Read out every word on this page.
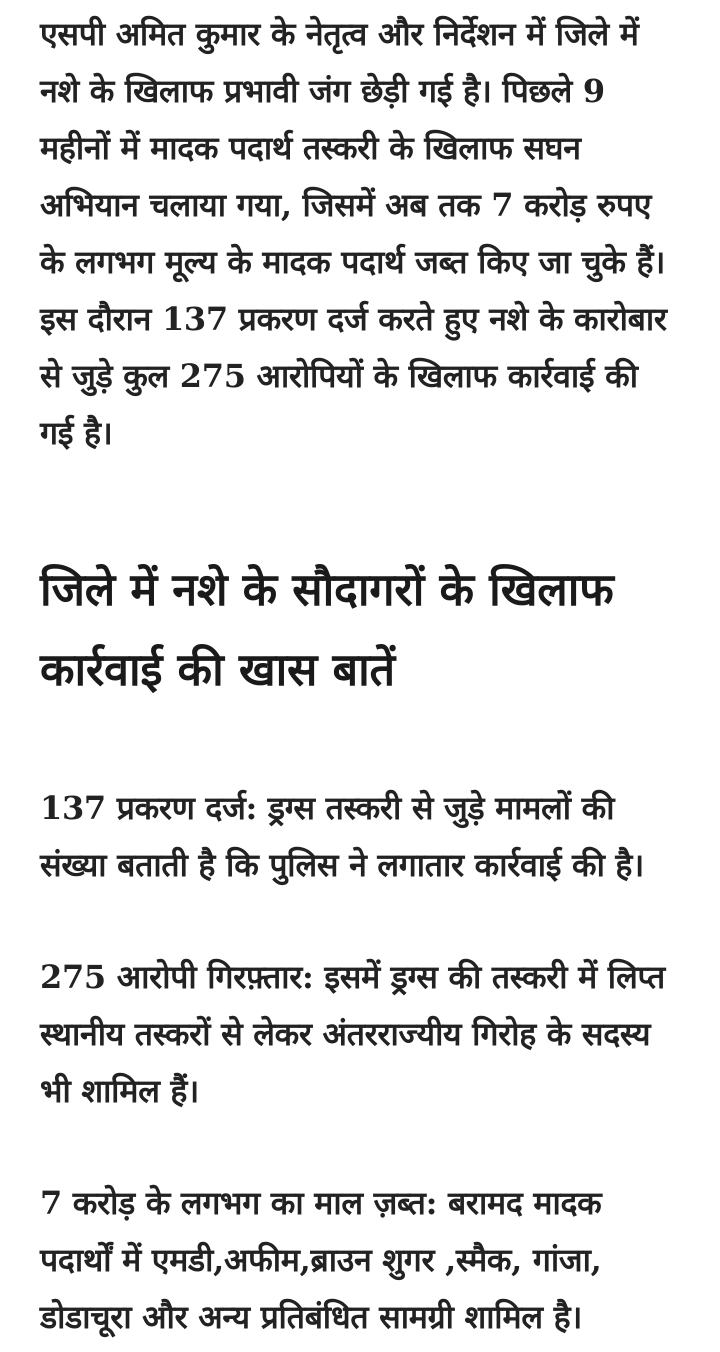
एसपी अमित कुमार के नेतृत्व और निर्देशन में जिले में नशे के खिलाफ प्रभावी जंग छेड़ी गई है। पिछले 9 महीनों में मादक पदार्थ तस्करी के खिलाफ सघन अभियान चलाया गया, जिसमें अब तक 7 करोड़ रुपए के लगभग मूल्य के मादक पदार्थ जब्त किए जा चुके हैं। इस दौरान 137 प्रकरण दर्ज करते हुए नशे के कारोबार से जुड़े कुल 275 आरोपियों के खिलाफ कार्रवाई की गई है।

जिले में नशे के सौदागरों के खिलाफ कार्रवाई की खास बातें

137 प्रकरण दर्ज: ड्रग्स तस्करी से जुड़े मामलों की संख्या बताती है कि पुलिस ने लगातार कार्रवाई की है।

275 आरोपी गिरफ़्तार: इसमें ड्रग्स की तस्करी में लिप्त स्थानीय तस्करों से लेकर अंतरराज्यीय गिरोह के सदस्य भी शामिल हैं।

7 करोड़ के लगभग का माल ज़ब्त: बरामद मादक पदार्थों में एमडी,अफीम,ब्राउन शुगर ,स्मैक, गांजा, डोडाचूरा और अन्य प्रतिबंधित सामग्री शामिल है।
